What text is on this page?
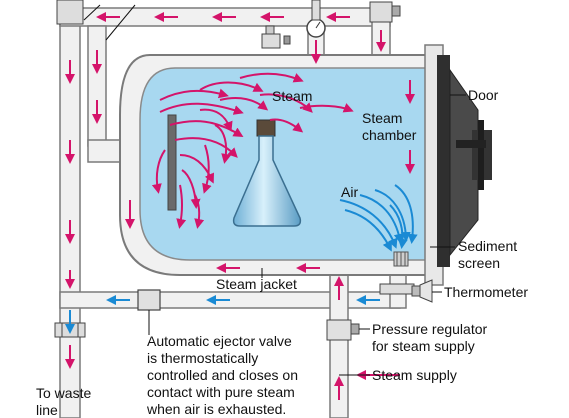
Steam
Steam
chamber
Door
Air
Sediment
screen
Steam jacket	Thermometer
Pressure regulator
for steam supply
Steam supply
Automatic ejector valve
is thermostatically
controlled and closes on
contact with pure steam
when air is exhausted.
To waste
line
